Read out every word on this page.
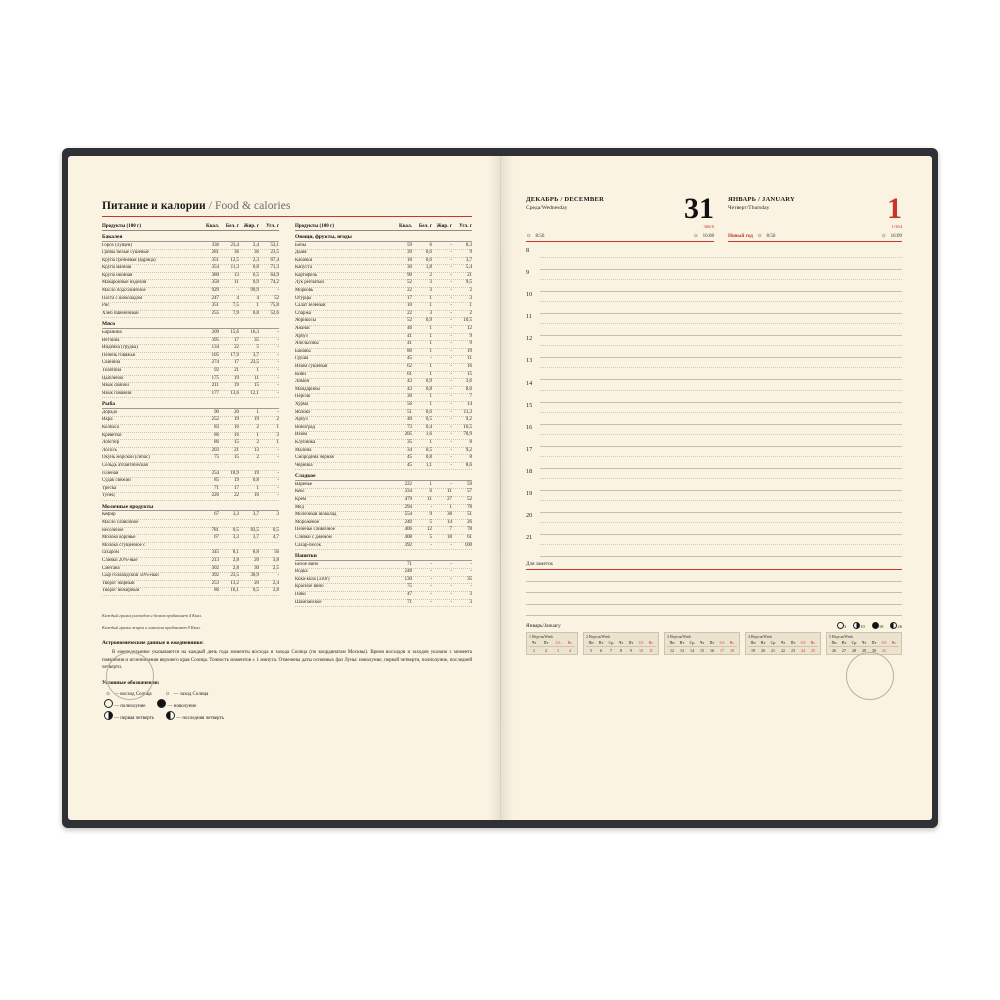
Питание и калории / Food & calories
Продукты (100 г)	Ккал.	Бел. г Жир. г	Угл. г
Бакалея
Горох (лущен)	336	23,4	2,4	53,1
Грибы белые сушеные	281	36	36	23,5
Крупа гречневая (ядрица)	351	12,5	2,3	67,4
Крупа манная	354	11,3	0,8	71,3
Крупа овсяная	380	13	6,5	64,9
Макаронные изделия	358	11	0,9	74,2
Масло подсолнечное	929	-	99,9	-
Паста с шоколадом	247	4	4	52
Рис	351	7,5	1	75,8
Хлеб пшеничный	255	7,9	0,8	52,6
Мясо
Баранина	209	15,6	16,3	-
Ветчина	395	17	35	-
Индейка (грудка)	134	22	5	-
Печень говяжья	105	17,9	3,7	-
Свинина	274	17	23,5	-
Телятина	92	21	1	-
Цыпленок	175	19	11	-
Язык свиной	211	19	15	-
Язык говяжий	177	13,6	12,1	-
Рыба
Дорадо	90	20	1	-
Икра	252	19	19	2
Колбаса	83	16	2	1
Креветки	86	16	1	3
Лобстер	86	15	2	1
Лосось	203	21	13	-
Окунь морской (сибас)	75	15	2	-
Сельдь атлантическая
соленая	254	18,9	19	-
Судак свежий	85	19	0,8	-
Треска	71	17	1	-
Тунец	226	22	16	-
Молочные продукты
Кефир	67	3,3	3,7	3
Масло сливочное
несоленое	781	0,5	83,5	0,5
Молоко коровье	67	3,3	3,7	4,7
Молоко сгущенное с
сахаром	345	8,1	8,8	56
Сливки 20%-ные	213	2,8	20	3,8
Сметана	302	2,8	30	2,5
Сыр голландский 50%-ный	392	23,5	30,9	-
Творог жирный	253	13,2	20	2,4
Творог нежирный	86	16,1	0,5	2,8
Продукты (100 г)	Ккал.	Бел. г Жир. г	Угл. г
Овощи, фрукты, ягоды
Бобы	59	6	-	8,3
Дыня	39	0,6	-	9
Кабачки	18	0,6	-	3,7
Капуста	30	1,8	-	5,4
Картофель	90	2	-	21
Лук репчатый	52	3	-	9,5
Морковь	22	3	-	2
Огурцы	17	1	-	3
Салат зеленый	10	1	-	1
Спаржа	22	3	-	2
Абрикосы	52	0,9	-	10,5
Ананас	46	1	-	12
Арбуз	41	1	-	9
Апельсины	41	1	-	9
Бананы	80	1	-	19
Груша	45	-	-	11
Изюм сушеный	62	1	-	16
Киви	61	1	-	15
Лимон	43	0,9	-	3,6
Мандарины	43	0,8	-	8,6
Персик	30	1	-	7
Хурма	56	1	-	14
Яблоко	51	0,6	-	11,3
Арбуз	40	0,5	-	9,2
Виноград	73	0,4	-	16,5
Изюм	205	1,6	-	70,9
Клубника	35	1	-	8
Малина	34	0,5	-	9,2
Смородина черная	45	0,8	-	8
Черника	45	1,1	-	8,6
Сладкое
Варенье	222	1	-	59
Кекс	334	6	11	57
Крем	479	11	27	52
Мед	294	-	1	78
Молочный шоколад	554	9	38	51
Мороженое	240	5	14	26
Печенье сливочное	406	12	7	78
Сливки с джемом	408	5	18	61
Сахар-песок	392	-	-	100
Напитки
Белое вино	71	-	-	-
Водка	248	-	-	-
Кока-кола (330г)	130	-	-	35
Красное вино	75	-	-	-
Пиво	47	-	-	3
Шампанское	71	-	-	3
Каждый грамм углеводов и белков прибавляет 4 Ккал.
Каждый грамм жиров и алкоголя прибавляет 9 Ккал.
Астрономические данные в ежедневнике:
В еженедельнике указываются на каждый день года моменты восхода и захода Солнца (по координатам Москвы). Время восходов и заходов указано с момента появления и исчезновения верхнего края Солнца. Точность моментов ± 1 минута. Отмечены даты основных фаз Луны: новолуние, первой четверти, полнолуние, последней четверти.
Условные обозначения:
☼ — восход Солнца ☼ — заход Солнца
— полнолуние	— новолуние
— первая четверть	— последняя четверть
ДЕКАБРЬ / DECEMBER
Среда/Wednesday	31
366/0
☼ 8:56	☼ 16:08
ЯНВАРЬ / JANUARY
Четверг/Thursday	1
1/364
Новый год ☼ 8:56	☼ 16:09
8
9
10
11
12
13
14
15
16
17
18
19
20
21
Для заметок
Январь/January	3	10	18	26
1 Неделя/Week
Чт	Пт	Сб	Вс
1	2	3	4
2 Неделя/Week
Пн	Вт	Ср	Чт	Пт	Сб	Вс
5	6	7	8	9	10	11
3 Неделя/Week
Пн	Вт	Ср	Чт	Пт	Сб	Вс
12	13	14	15	16	17	18
4 Неделя/Week
Пн	Вт	Ср	Чт	Пт	Сб	Вс
19	20	21	22	23	24	25
5 Неделя/Week
Пн	Вт	Ср	Чт	Пт	Сб	Вс
26	27	28	29	30	31
